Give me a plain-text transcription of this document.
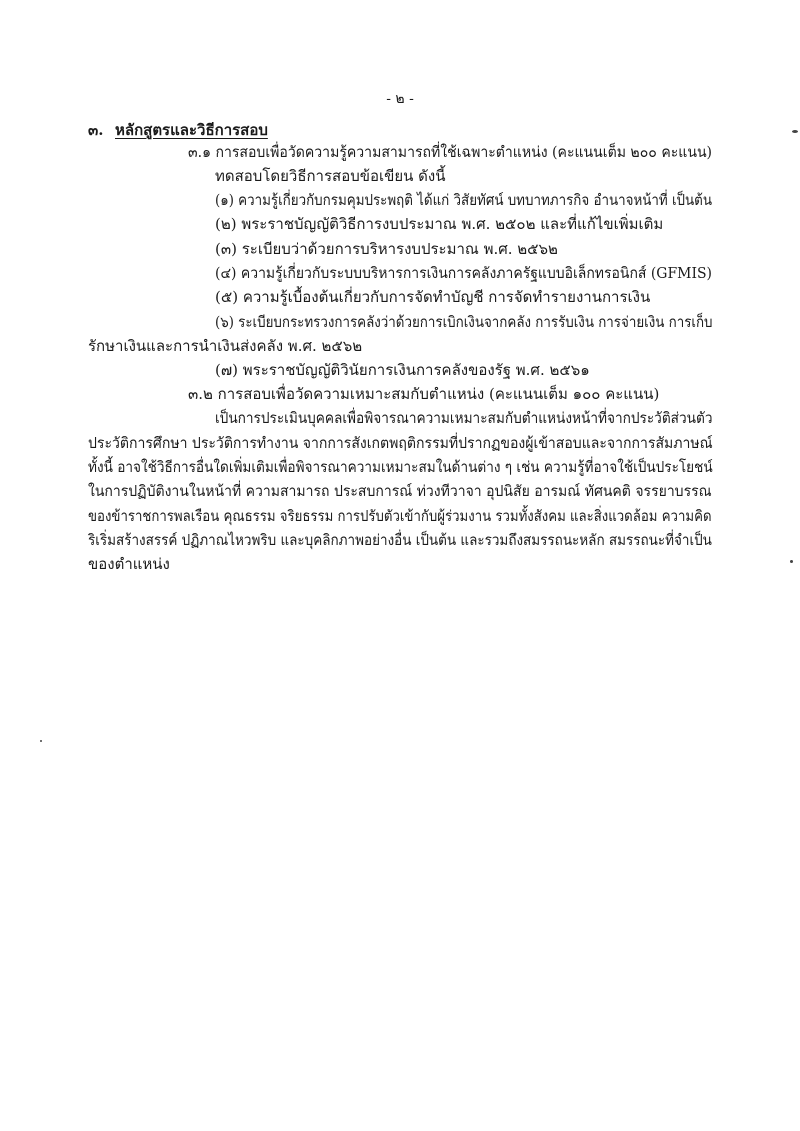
- ๒ -
๓. หลักสูตรและวิธีการสอบ
๓.๑ การสอบเพื่อวัดความรู้ความสามารถที่ใช้เฉพาะตำแหน่ง (คะแนนเต็ม ๒๐๐ คะแนน)
ทดสอบโดยวิธีการสอบข้อเขียน ดังนี้
(๑) ความรู้เกี่ยวกับกรมคุมประพฤติ ได้แก่ วิสัยทัศน์ บทบาทภารกิจ อำนาจหน้าที่ เป็นต้น
(๒) พระราชบัญญัติวิธีการงบประมาณ พ.ศ. ๒๕๐๒ และที่แก้ไขเพิ่มเติม
(๓) ระเบียบว่าด้วยการบริหารงบประมาณ พ.ศ. ๒๕๖๒
(๔) ความรู้เกี่ยวกับระบบบริหารการเงินการคลังภาครัฐแบบอิเล็กทรอนิกส์ (GFMIS)
(๕) ความรู้เบื้องต้นเกี่ยวกับการจัดทำบัญชี การจัดทำรายงานการเงิน
(๖) ระเบียบกระทรวงการคลังว่าด้วยการเบิกเงินจากคลัง การรับเงิน การจ่ายเงิน การเก็บ
รักษาเงินและการนำเงินส่งคลัง พ.ศ. ๒๕๖๒
(๗) พระราชบัญญัติวินัยการเงินการคลังของรัฐ พ.ศ. ๒๕๖๑
๓.๒ การสอบเพื่อวัดความเหมาะสมกับตำแหน่ง (คะแนนเต็ม ๑๐๐ คะแนน)
เป็นการประเมินบุคคลเพื่อพิจารณาความเหมาะสมกับตำแหน่งหน้าที่จากประวัติส่วนตัว
ประวัติการศึกษา ประวัติการทำงาน จากการสังเกตพฤติกรรมที่ปรากฏของผู้เข้าสอบและจากการสัมภาษณ์
ทั้งนี้ อาจใช้วิธีการอื่นใดเพิ่มเติมเพื่อพิจารณาความเหมาะสมในด้านต่าง ๆ เช่น ความรู้ที่อาจใช้เป็นประโยชน์
ในการปฏิบัติงานในหน้าที่ ความสามารถ ประสบการณ์ ท่วงทีวาจา อุปนิสัย อารมณ์ ทัศนคติ จรรยาบรรณ
ของข้าราชการพลเรือน คุณธรรม จริยธรรม การปรับตัวเข้ากับผู้ร่วมงาน รวมทั้งสังคม และสิ่งแวดล้อม ความคิด
ริเริ่มสร้างสรรค์ ปฏิภาณไหวพริบ และบุคลิกภาพอย่างอื่น เป็นต้น และรวมถึงสมรรถนะหลัก สมรรถนะที่จำเป็น
ของตำแหน่ง
